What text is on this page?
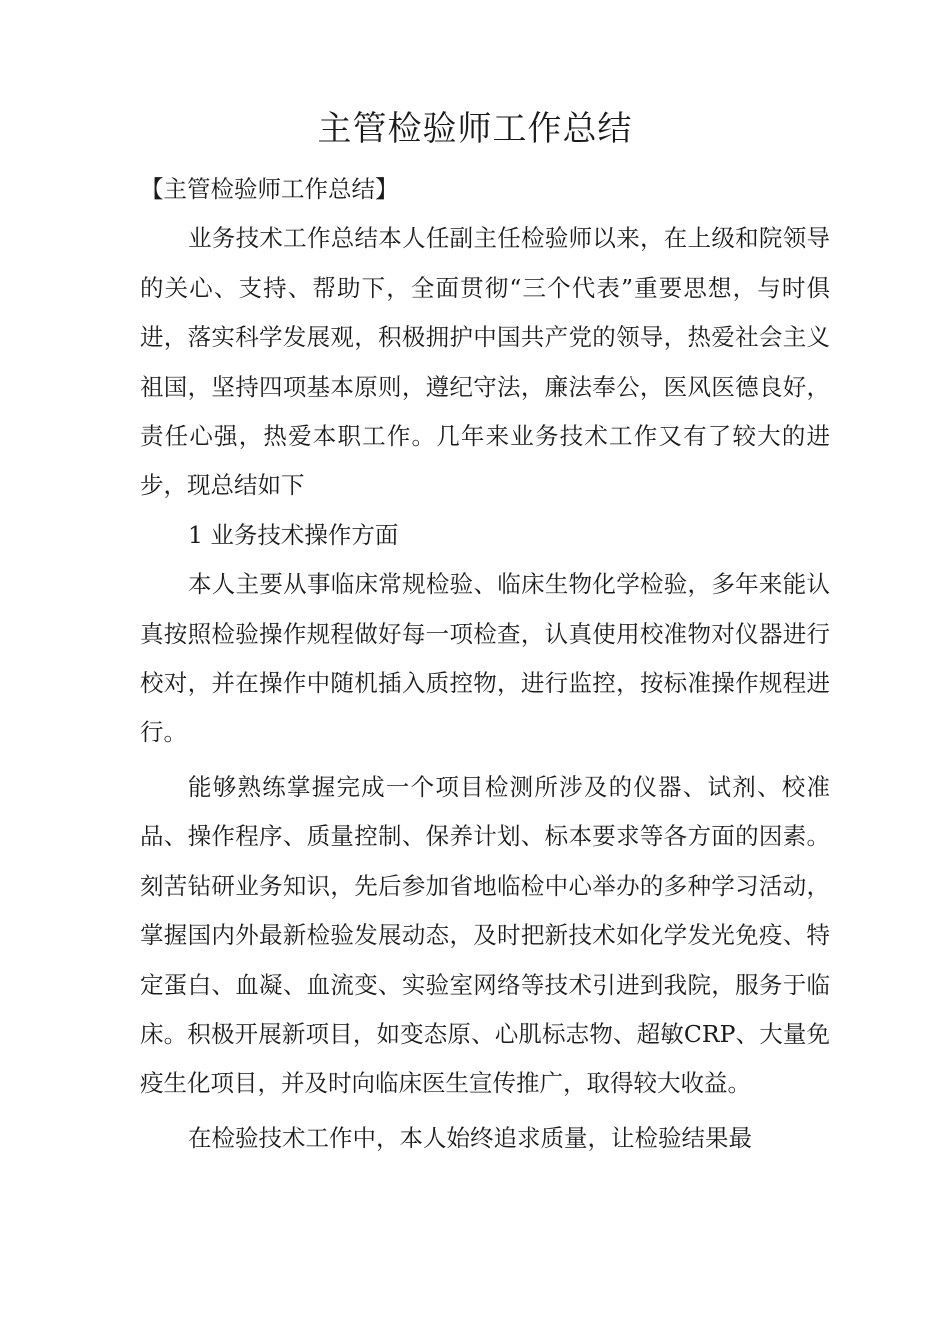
主管检验师工作总结

【主管检验师工作总结】

业务技术工作总结本人任副主任检验师以来，在上级和院领导的关心、支持、帮助下，全面贯彻“三个代表”重要思想，与时俱进，落实科学发展观，积极拥护中国共产党的领导，热爱社会主义祖国，坚持四项基本原则，遵纪守法，廉法奉公，医风医德良好，责任心强，热爱本职工作。几年来业务技术工作又有了较大的进步，现总结如下

1 业务技术操作方面

本人主要从事临床常规检验、临床生物化学检验，多年来能认真按照检验操作规程做好每一项检查，认真使用校准物对仪器进行校对，并在操作中随机插入质控物，进行监控，按标准操作规程进行。

能够熟练掌握完成一个项目检测所涉及的仪器、试剂、校准品、操作程序、质量控制、保养计划、标本要求等各方面的因素。刻苦钻研业务知识，先后参加省地临检中心举办的多种学习活动，掌握国内外最新检验发展动态，及时把新技术如化学发光免疫、特定蛋白、血凝、血流变、实验室网络等技术引进到我院，服务于临床。积极开展新项目，如变态原、心肌标志物、超敏CRP、大量免疫生化项目，并及时向临床医生宣传推广，取得较大收益。

在检验技术工作中，本人始终追求质量，让检验结果最
